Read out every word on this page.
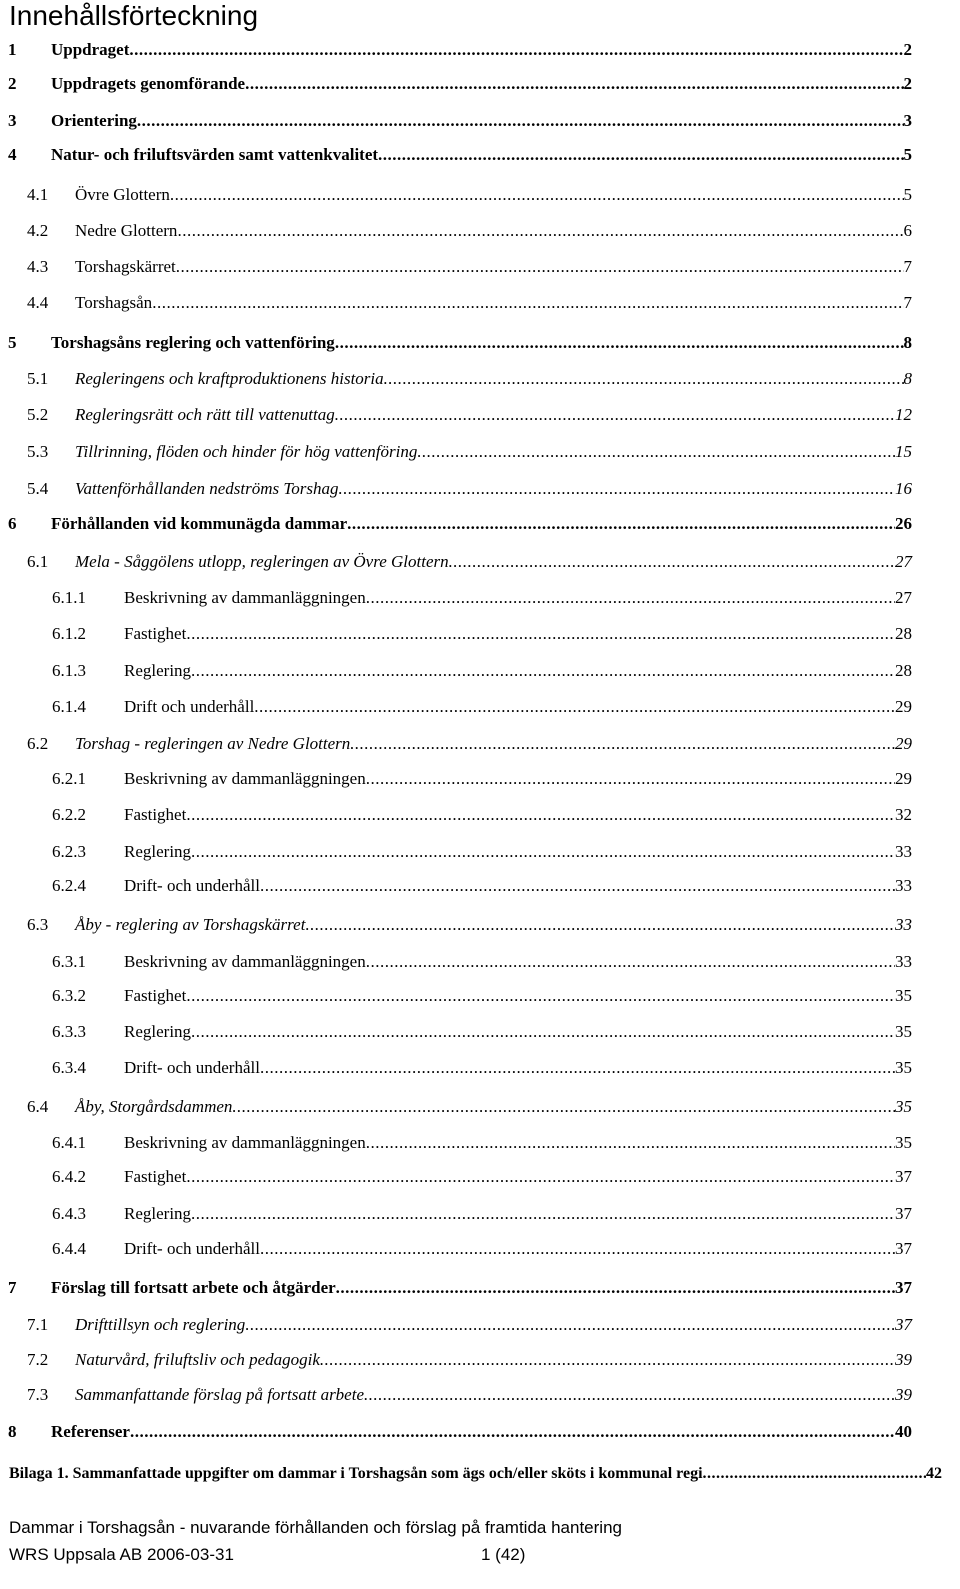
Innehållsförteckning
1 Uppdraget .....	2
2 Uppdragets genomförande .....	2
3 Orientering .....	3
4 Natur- och friluftsvärden samt vattenkvalitet .....	5
4.1 Övre Glottern .....	5
4.2 Nedre Glottern .....	6
4.3 Torshagskärret .....	7
4.4 Torshagsån .....	7
5 Torshagsåns reglering och vattenföring .....	8
5.1 Regleringens och kraftproduktionens historia .....	8
5.2 Regleringsrätt och rätt till vattenuttag .....	12
5.3 Tillrinning, flöden och hinder för hög vattenföring .....	15
5.4 Vattenförhållanden nedströms Torshag .....	16
6 Förhållanden vid kommunägda dammar .....	26
6.1 Mela - Såggölens utlopp, regleringen av Övre Glottern .....	27
6.1.1 Beskrivning av dammanläggningen .....	27
6.1.2 Fastighet .....	28
6.1.3 Reglering .....	28
6.1.4 Drift och underhåll .....	29
6.2 Torshag - regleringen av Nedre Glottern .....	29
6.2.1 Beskrivning av dammanläggningen .....	29
6.2.2 Fastighet .....	32
6.2.3 Reglering .....	33
6.2.4 Drift- och underhåll .....	33
6.3 Åby - reglering av Torshagskärret .....	33
6.3.1 Beskrivning av dammanläggningen .....	33
6.3.2 Fastighet .....	35
6.3.3 Reglering .....	35
6.3.4 Drift- och underhåll .....	35
6.4 Åby, Storgårdsdammen .....	35
6.4.1 Beskrivning av dammanläggningen .....	35
6.4.2 Fastighet .....	37
6.4.3 Reglering .....	37
6.4.4 Drift- och underhåll .....	37
7 Förslag till fortsatt arbete och åtgärder .....	37
7.1 Drifttillsyn och reglering .....	37
7.2 Naturvård, friluftsliv och pedagogik .....	39
7.3 Sammanfattande förslag på fortsatt arbete .....	39
8 Referenser .....	40
Bilaga 1. Sammanfattade uppgifter om dammar i Torshagsån som ägs och/eller sköts i kommunal regi .....	42
Dammar i Torshagsån - nuvarande förhållanden och förslag på framtida hantering
WRS Uppsala AB 2006-03-31	1 (42)
